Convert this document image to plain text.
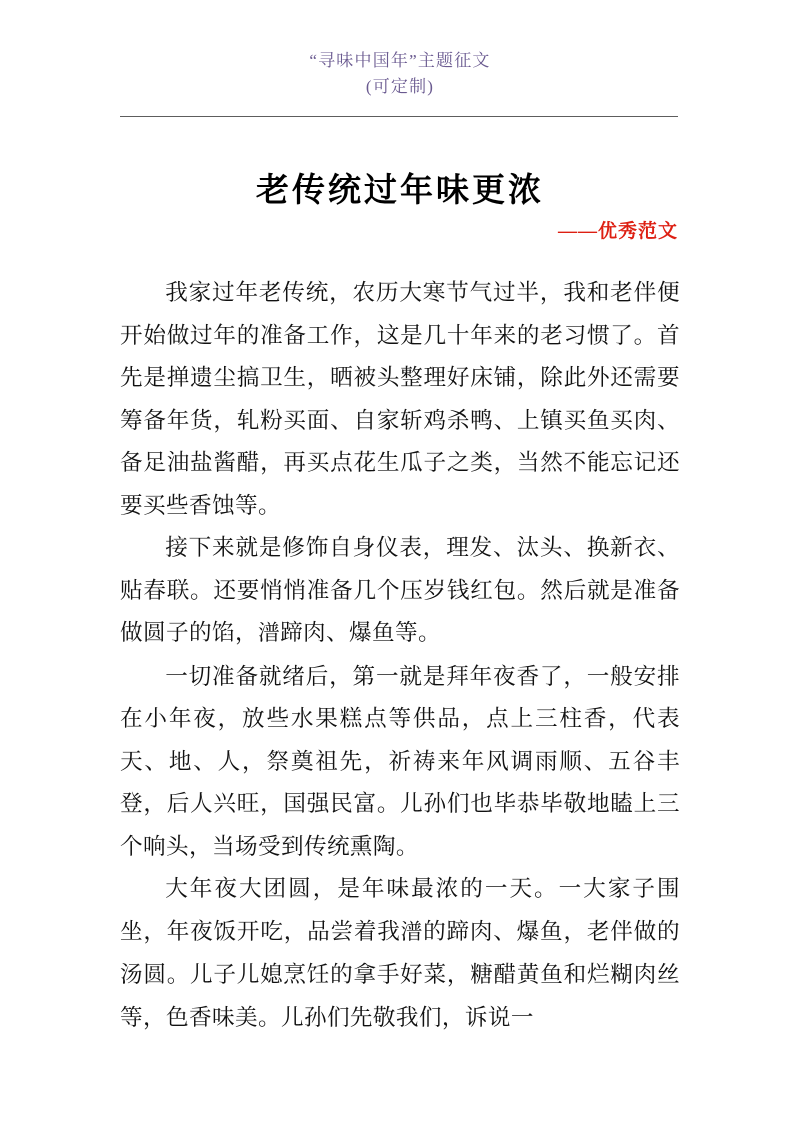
“寻味中国年”主题征文
(可定制)
老传统过年味更浓
——优秀范文

我家过年老传统，农历大寒节气过半，我和老伴便开始做过年的准备工作，这是几十年来的老习惯了。首先是掸遗尘搞卫生，晒被头整理好床铺，除此外还需要筹备年货，轧粉买面、自家斩鸡杀鸭、上镇买鱼买肉、备足油盐酱醋，再买点花生瓜子之类，当然不能忘记还要买些香蚀等。

接下来就是修饰自身仪表，理发、汰头、换新衣、贴春联。还要悄悄准备几个压岁钱红包。然后就是准备做圆子的馅，潽蹄肉、爆鱼等。

一切准备就绪后，第一就是拜年夜香了，一般安排在小年夜，放些水果糕点等供品，点上三柱香，代表天、地、人，祭奠祖先，祈祷来年风调雨顺、五谷丰登，后人兴旺，国强民富。儿孙们也毕恭毕敬地瞌上三个响头，当场受到传统熏陶。

大年夜大团圆，是年味最浓的一天。一大家子围坐，年夜饭开吃，品尝着我潽的蹄肉、爆鱼，老伴做的汤圆。儿子儿媳烹饪的拿手好菜，糖醋黄鱼和烂糊肉丝等，色香味美。儿孙们先敬我们，诉说一
